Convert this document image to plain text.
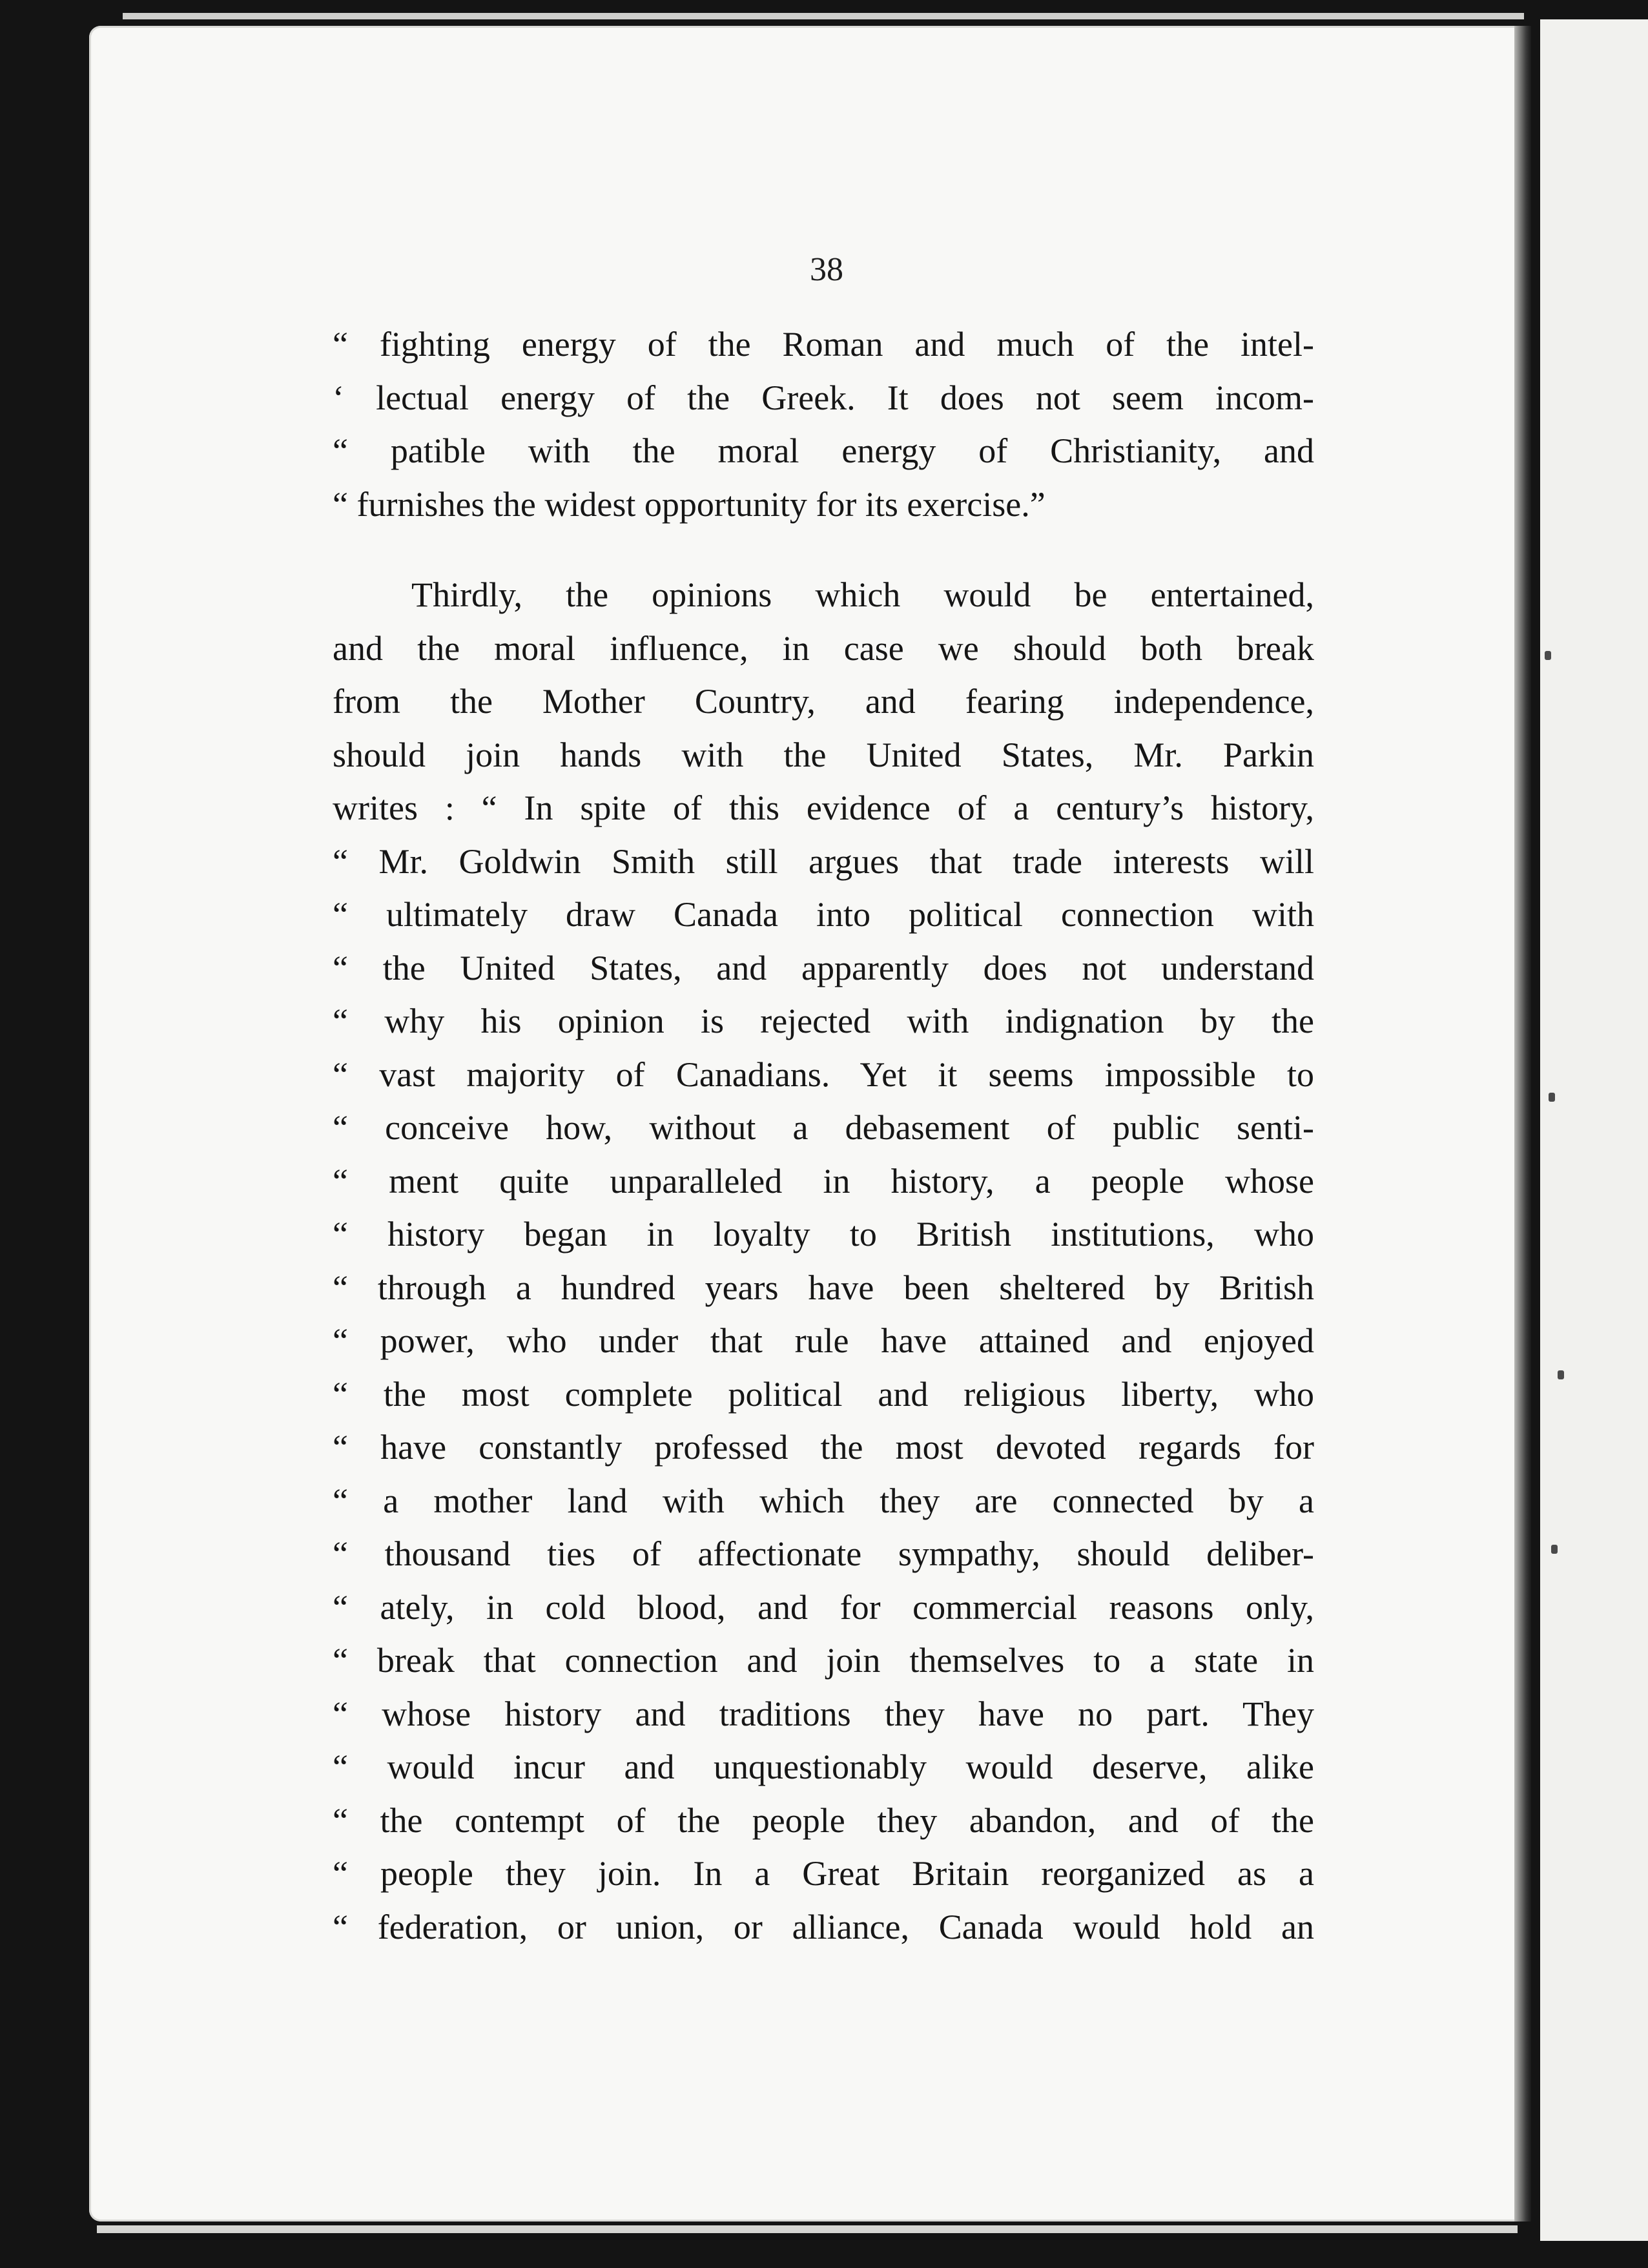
38
“ fighting energy of the Roman and much of the intel-
‘ lectual energy of the Greek. It does not seem incom-
“ patible with the moral energy of Christianity, and
“ furnishes the widest opportunity for its exercise.”
Thirdly, the opinions which would be entertained,
and the moral influence, in case we should both break
from the Mother Country, and fearing independence,
should join hands with the United States, Mr. Parkin
writes : “ In spite of this evidence of a century’s history,
“ Mr. Goldwin Smith still argues that trade interests will
“ ultimately draw Canada into political connection with
“ the United States, and apparently does not understand
“ why his opinion is rejected with indignation by the
“ vast majority of Canadians. Yet it seems impossible to
“ conceive how, without a debasement of public senti-
“ ment quite unparalleled in history, a people whose
“ history began in loyalty to British institutions, who
“ through a hundred years have been sheltered by British
“ power, who under that rule have attained and enjoyed
“ the most complete political and religious liberty, who
“ have constantly professed the most devoted regards for
“ a mother land with which they are connected by a
“ thousand ties of affectionate sympathy, should deliber-
“ ately, in cold blood, and for commercial reasons only,
“ break that connection and join themselves to a state in
“ whose history and traditions they have no part. They
“ would incur and unquestionably would deserve, alike
“ the contempt of the people they abandon, and of the
“ people they join. In a Great Britain reorganized as a
“ federation, or union, or alliance, Canada would hold an
